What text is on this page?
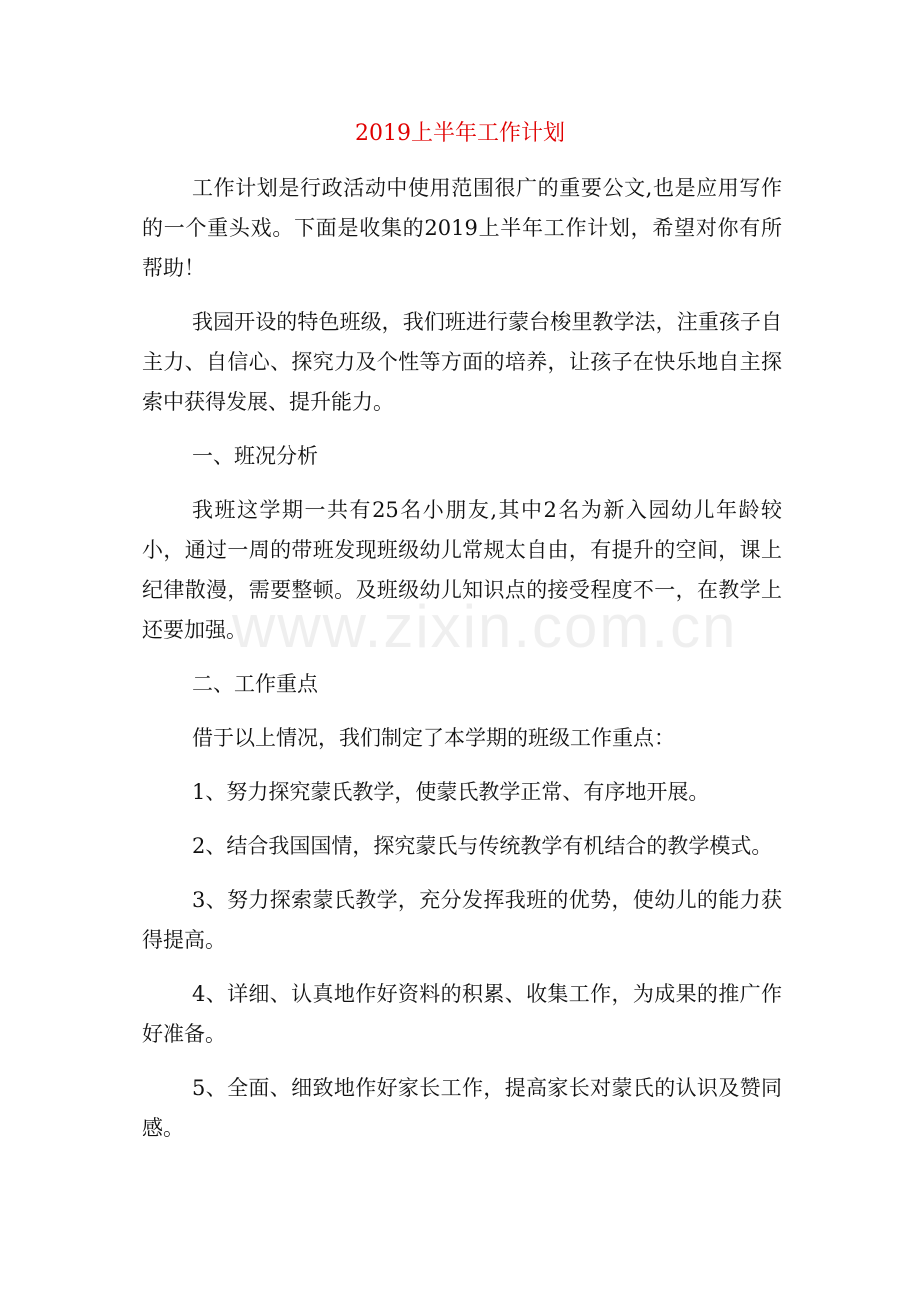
2019上半年工作计划

工作计划是行政活动中使用范围很广的重要公文,也是应用写作的一个重头戏。下面是收集的2019上半年工作计划，希望对你有所帮助！

我园开设的特色班级，我们班进行蒙台梭里教学法，注重孩子自主力、自信心、探究力及个性等方面的培养，让孩子在快乐地自主探索中获得发展、提升能力。

一、班况分析

我班这学期一共有25名小朋友,其中2名为新入园幼儿年龄较小，通过一周的带班发现班级幼儿常规太自由，有提升的空间，课上纪律散漫，需要整顿。及班级幼儿知识点的接受程度不一，在教学上还要加强。

二、工作重点

借于以上情况，我们制定了本学期的班级工作重点：

1、努力探究蒙氏教学，使蒙氏教学正常、有序地开展。

2、结合我国国情，探究蒙氏与传统教学有机结合的教学模式。

3、努力探索蒙氏教学，充分发挥我班的优势，使幼儿的能力获得提高。

4、详细、认真地作好资料的积累、收集工作，为成果的推广作好准备。

5、全面、细致地作好家长工作，提高家长对蒙氏的认识及赞同感。

www.zixin.com.cn
